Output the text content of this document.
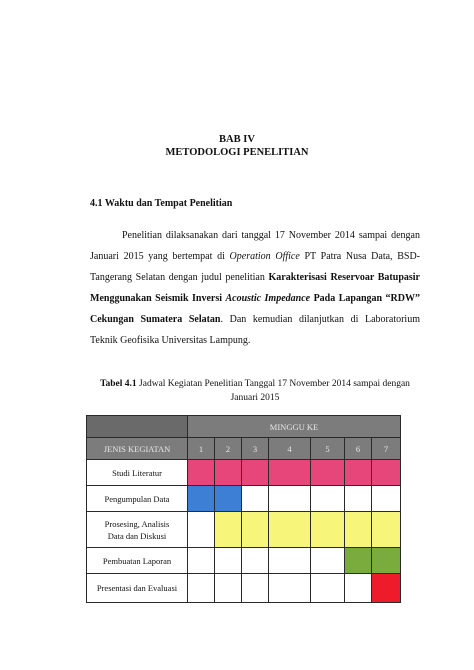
BAB IV
METODOLOGI PENELITIAN
4.1 Waktu dan Tempat Penelitian
Penelitian dilaksanakan dari tanggal 17 November 2014 sampai dengan
Januari 2015 yang bertempat di Operation Office PT Patra Nusa Data, BSD-
Tangerang Selatan dengan judul penelitian Karakterisasi Reservoar Batupasir
Menggunakan Seismik Inversi Acoustic Impedance Pada Lapangan “RDW”
Cekungan Sumatera Selatan. Dan kemudian dilanjutkan di Laboratorium
Teknik Geofisika Universitas Lampung.
Tabel 4.1 Jadwal Kegiatan Penelitian Tanggal 17 November 2014 sampai dengan
Januari 2015
	MINGGU KE						
JENIS KEGIATAN	1	2	3	4	5	6	7
Studi Literatur							
Pengumpulan Data							

Prosesing, Analisis
Data dan Diskusi							

Pembuatan Laporan							
Presentasi dan Evaluasi							
